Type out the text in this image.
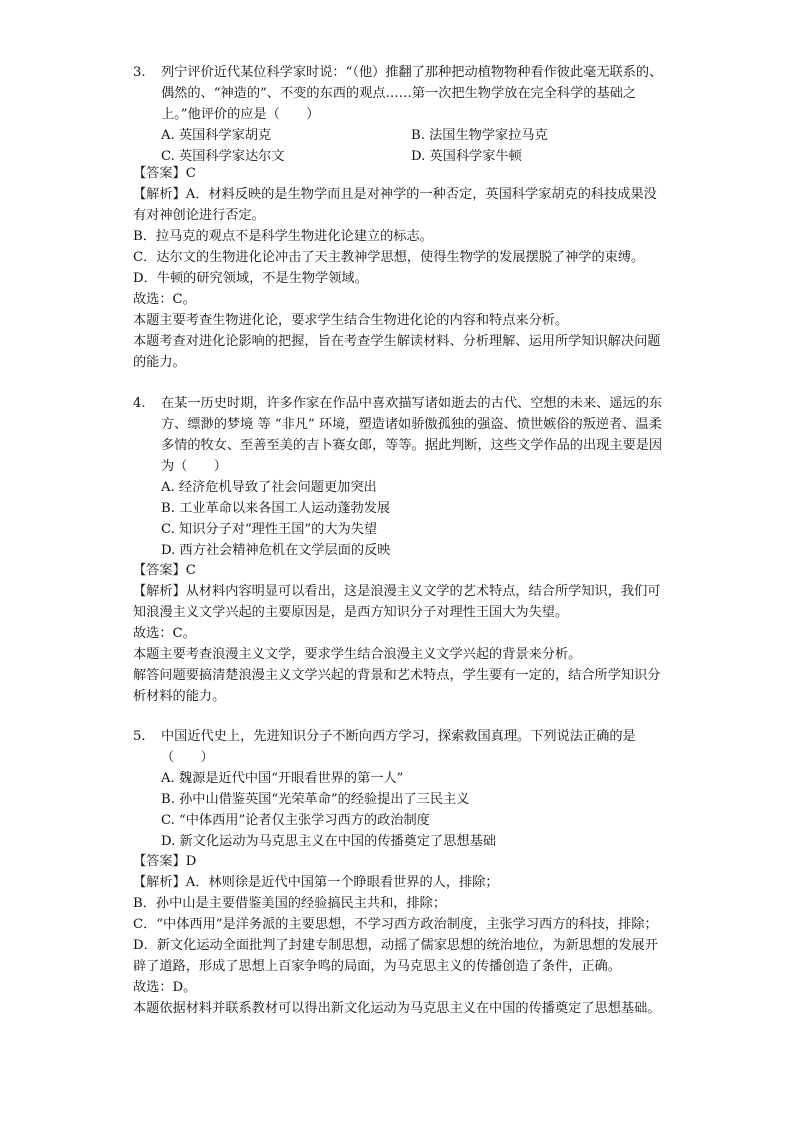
3.	列宁评价近代某位科学家时说：“（他）推翻了那种把动植物物种看作彼此毫无联系的、偶然的、“神造的”、不变的东西的观点……第一次把生物学放在完全科学的基础之上。”他评价的应是（　　）
A. 英国科学家胡克	B. 法国生物学家拉马克
C. 英国科学家达尔文	D. 英国科学家牛顿
【答案】C
【解析】A．材料反映的是生物学而且是对神学的一种否定，英国科学家胡克的科技成果没有对神创论进行否定。
B．拉马克的观点不是科学生物进化论建立的标志。
C．达尔文的生物进化论冲击了天主教神学思想，使得生物学的发展摆脱了神学的束缚。
D．牛顿的研究领域，不是生物学领域。
故选：C。
本题主要考查生物进化论，要求学生结合生物进化论的内容和特点来分析。
本题考查对进化论影响的把握，旨在考查学生解读材料、分析理解、运用所学知识解决问题的能力。
4.	在某一历史时期，许多作家在作品中喜欢描写诸如逝去的古代、空想的未来、遥远的东方、缥渺的梦境 等 “非凡” 环境，塑造诸如骄傲孤独的强盗、愤世嫉俗的叛逆者、温柔多情的牧女、至善至美的吉卜赛女郎，等等。据此判断，这些文学作品的出现主要是因为（　　）
A. 经济危机导致了社会问题更加突出
B. 工业革命以来各国工人运动蓬勃发展
C. 知识分子对“理性王国”的大为失望
D. 西方社会精神危机在文学层面的反映
【答案】C
【解析】从材料内容明显可以看出，这是浪漫主义文学的艺术特点，结合所学知识，我们可知浪漫主义文学兴起的主要原因是，是西方知识分子对理性王国大为失望。
故选：C。
本题主要考查浪漫主义文学，要求学生结合浪漫主义文学兴起的背景来分析。
解答问题要搞清楚浪漫主义文学兴起的背景和艺术特点，学生要有一定的，结合所学知识分析材料的能力。
5.	中国近代史上，先进知识分子不断向西方学习，探索救国真理。下列说法正确的是（　　）
A. 魏源是近代中国“开眼看世界的第一人”
B. 孙中山借鉴英国“光荣革命”的经验提出了三民主义
C. “中体西用”论者仅主张学习西方的政治制度
D. 新文化运动为马克思主义在中国的传播奠定了思想基础
【答案】D
【解析】A．林则徐是近代中国第一个睁眼看世界的人，排除；
B．孙中山是主要借鉴美国的经验搞民主共和，排除；
C．“中体西用”是洋务派的主要思想，不学习西方政治制度，主张学习西方的科技，排除；
D．新文化运动全面批判了封建专制思想，动摇了儒家思想的统治地位，为新思想的发展开辟了道路，形成了思想上百家争鸣的局面，为马克思主义的传播创造了条件，正确。
故选：D。
本题依据材料并联系教材可以得出新文化运动为马克思主义在中国的传播奠定了思想基础。
